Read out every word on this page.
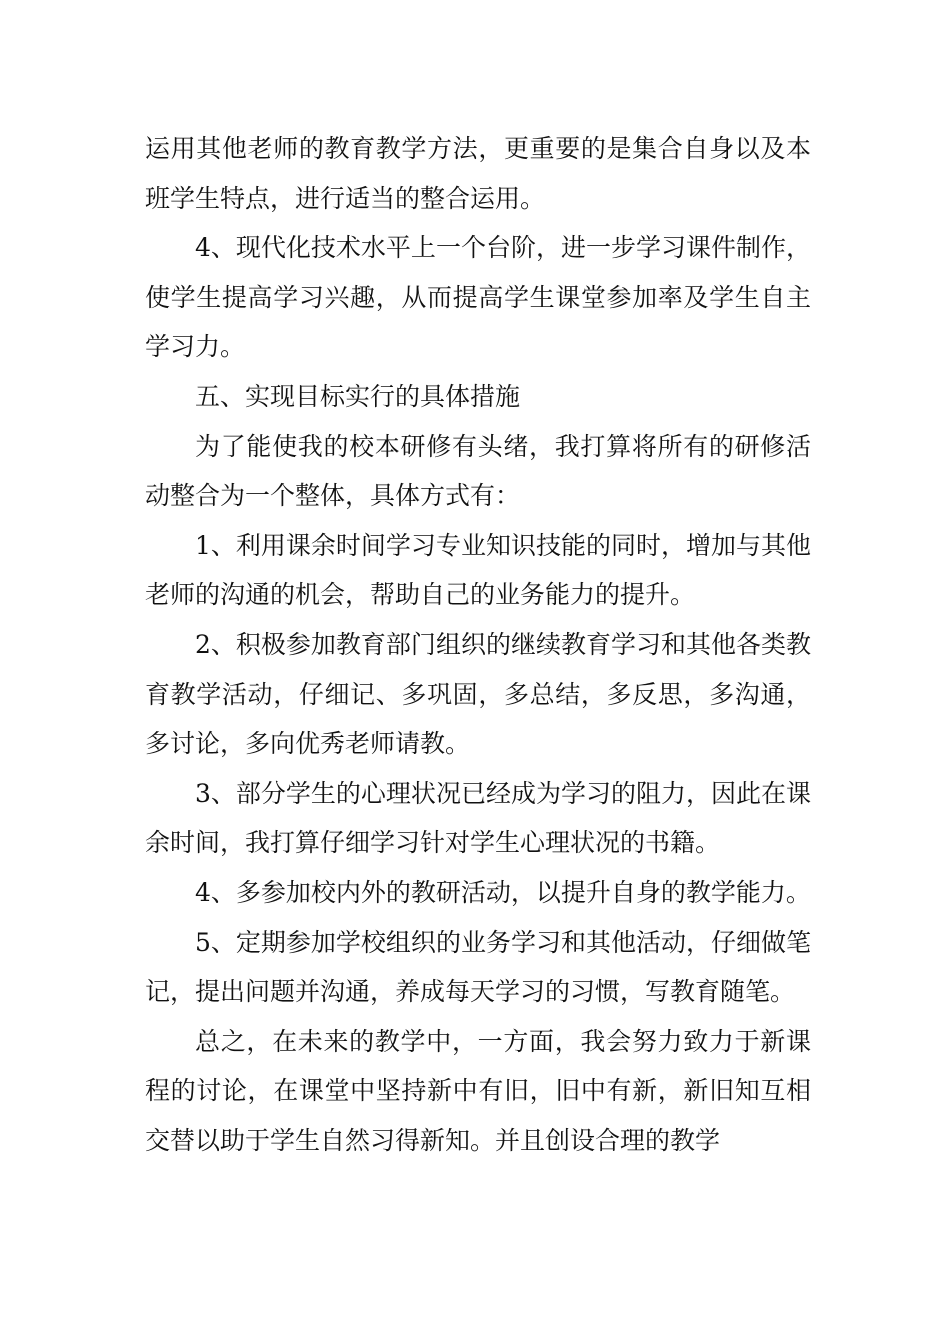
运用其他老师的教育教学方法，更重要的是集合自身以及本班学生特点，进行适当的整合运用。

4、现代化技术水平上一个台阶，进一步学习课件制作，使学生提高学习兴趣，从而提高学生课堂参加率及学生自主学习力。

五、实现目标实行的具体措施

为了能使我的校本研修有头绪，我打算将所有的研修活动整合为一个整体，具体方式有：

1、利用课余时间学习专业知识技能的同时，增加与其他老师的沟通的机会，帮助自己的业务能力的提升。

2、积极参加教育部门组织的继续教育学习和其他各类教育教学活动，仔细记、多巩固，多总结，多反思，多沟通，多讨论，多向优秀老师请教。

3、部分学生的心理状况已经成为学习的阻力，因此在课余时间，我打算仔细学习针对学生心理状况的书籍。

4、多参加校内外的教研活动，以提升自身的教学能力。

5、定期参加学校组织的业务学习和其他活动，仔细做笔记，提出问题并沟通，养成每天学习的习惯，写教育随笔。

总之，在未来的教学中，一方面，我会努力致力于新课程的讨论，在课堂中坚持新中有旧，旧中有新，新旧知互相交替以助于学生自然习得新知。并且创设合理的教学
